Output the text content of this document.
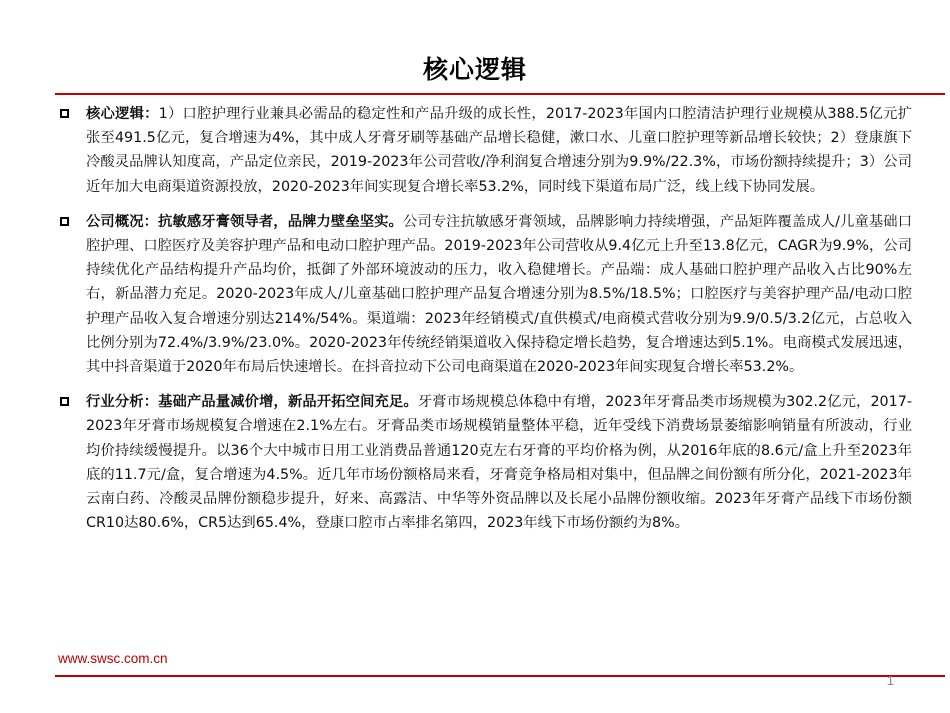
核心逻辑
核心逻辑：1）口腔护理行业兼具必需品的稳定性和产品升级的成长性，2017-2023年国内口腔清洁护理行业规模从388.5亿元扩张至491.5亿元，复合增速为4%，其中成人牙膏牙刷等基础产品增长稳健，漱口水、儿童口腔护理等新品增长较快；2）登康旗下冷酸灵品牌认知度高，产品定位亲民，2019-2023年公司营收/净利润复合增速分别为9.9%/22.3%，市场份额持续提升；3）公司近年加大电商渠道资源投放，2020-2023年间实现复合增长率53.2%，同时线下渠道布局广泛，线上线下协同发展。
公司概况：抗敏感牙膏领导者，品牌力壁垒坚实。公司专注抗敏感牙膏领域，品牌影响力持续增强，产品矩阵覆盖成人/儿童基础口腔护理、口腔医疗及美容护理产品和电动口腔护理产品。2019-2023年公司营收从9.4亿元上升至13.8亿元，CAGR为9.9%，公司持续优化产品结构提升产品均价，抵御了外部环境波动的压力，收入稳健增长。产品端：成人基础口腔护理产品收入占比90%左右，新品潜力充足。2020-2023年成人/儿童基础口腔护理产品复合增速分别为8.5%/18.5%；口腔医疗与美容护理产品/电动口腔护理产品收入复合增速分别达214%/54%。渠道端：2023年经销模式/直供模式/电商模式营收分别为9.9/0.5/3.2亿元，占总收入比例分别为72.4%/3.9%/23.0%。2020-2023年传统经销渠道收入保持稳定增长趋势，复合增速达到5.1%。电商模式发展迅速，其中抖音渠道于2020年布局后快速增长。在抖音拉动下公司电商渠道在2020-2023年间实现复合增长率53.2%。
行业分析：基础产品量减价增，新品开拓空间充足。牙膏市场规模总体稳中有增，2023年牙膏品类市场规模为302.2亿元，2017-2023年牙膏市场规模复合增速在2.1%左右。牙膏品类市场规模销量整体平稳，近年受线下消费场景萎缩影响销量有所波动，行业均价持续缓慢提升。以36个大中城市日用工业消费品普通120克左右牙膏的平均价格为例，从2016年底的8.6元/盒上升至2023年底的11.7元/盒，复合增速为4.5%。近几年市场份额格局来看，牙膏竞争格局相对集中，但品牌之间份额有所分化，2021-2023年云南白药、冷酸灵品牌份额稳步提升，好来、高露洁、中华等外资品牌以及长尾小品牌份额收缩。2023年牙膏产品线下市场份额CR10达80.6%，CR5达到65.4%，登康口腔市占率排名第四，2023年线下市场份额约为8%。
www.swsc.com.cn
1
